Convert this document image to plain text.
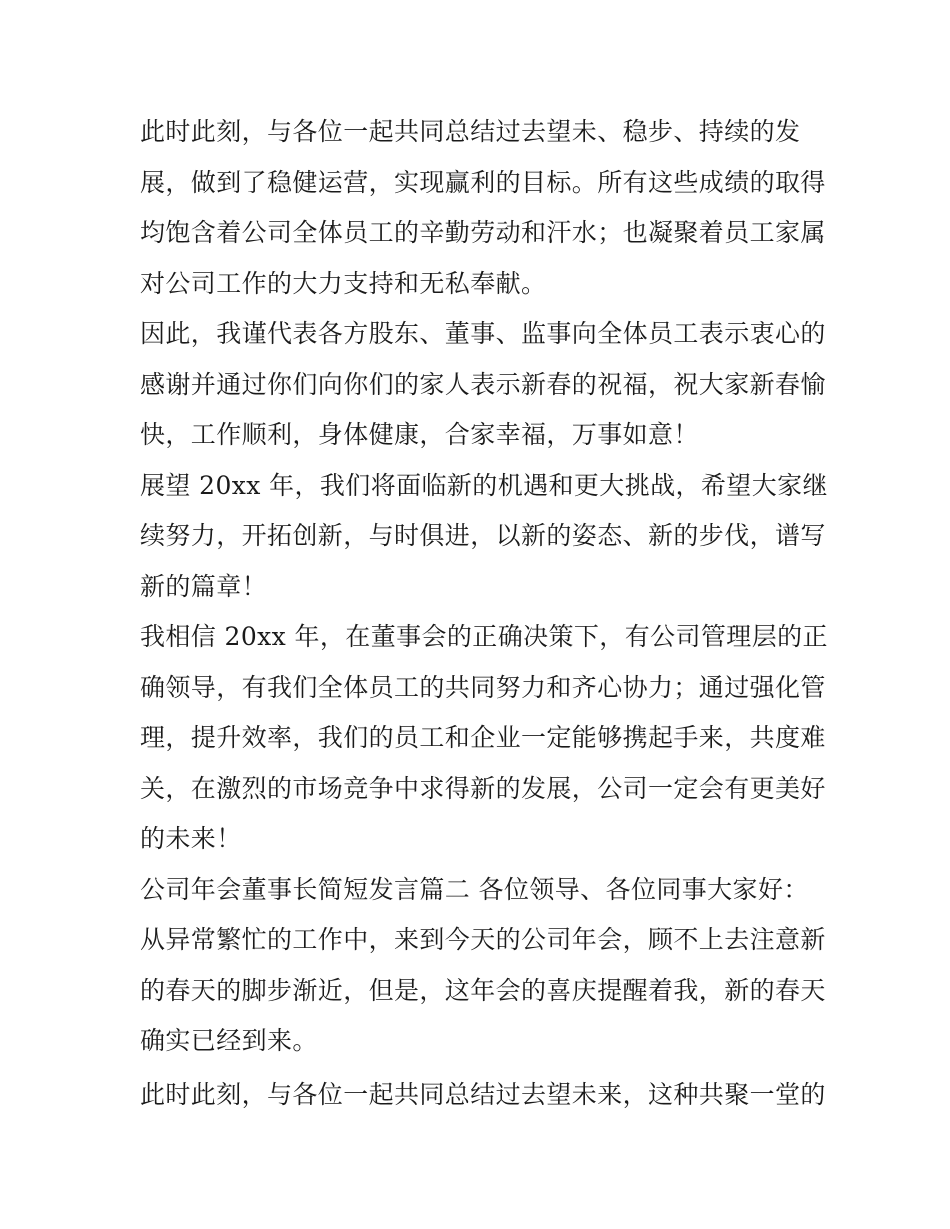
此时此刻，与各位一起共同总结过去望未、稳步、持续的发
展，做到了稳健运营，实现赢利的目标。所有这些成绩的取得
均饱含着公司全体员工的辛勤劳动和汗水；也凝聚着员工家属
对公司工作的大力支持和无私奉献。
因此，我谨代表各方股东、董事、监事向全体员工表示衷心的
感谢并通过你们向你们的家人表示新春的祝福，祝大家新春愉
快，工作顺利，身体健康，合家幸福，万事如意！
展望 20xx 年，我们将面临新的机遇和更大挑战，希望大家继
续努力，开拓创新，与时俱进，以新的姿态、新的步伐，谱写
新的篇章！
我相信 20xx 年，在董事会的正确决策下，有公司管理层的正
确领导，有我们全体员工的共同努力和齐心协力；通过强化管
理，提升效率，我们的员工和企业一定能够携起手来，共度难
关，在激烈的市场竞争中求得新的发展，公司一定会有更美好
的未来！
公司年会董事长简短发言篇二 各位领导、各位同事大家好：
从异常繁忙的工作中，来到今天的公司年会，顾不上去注意新
的春天的脚步渐近，但是，这年会的喜庆提醒着我，新的春天
确实已经到来。
此时此刻，与各位一起共同总结过去望未来，这种共聚一堂的
